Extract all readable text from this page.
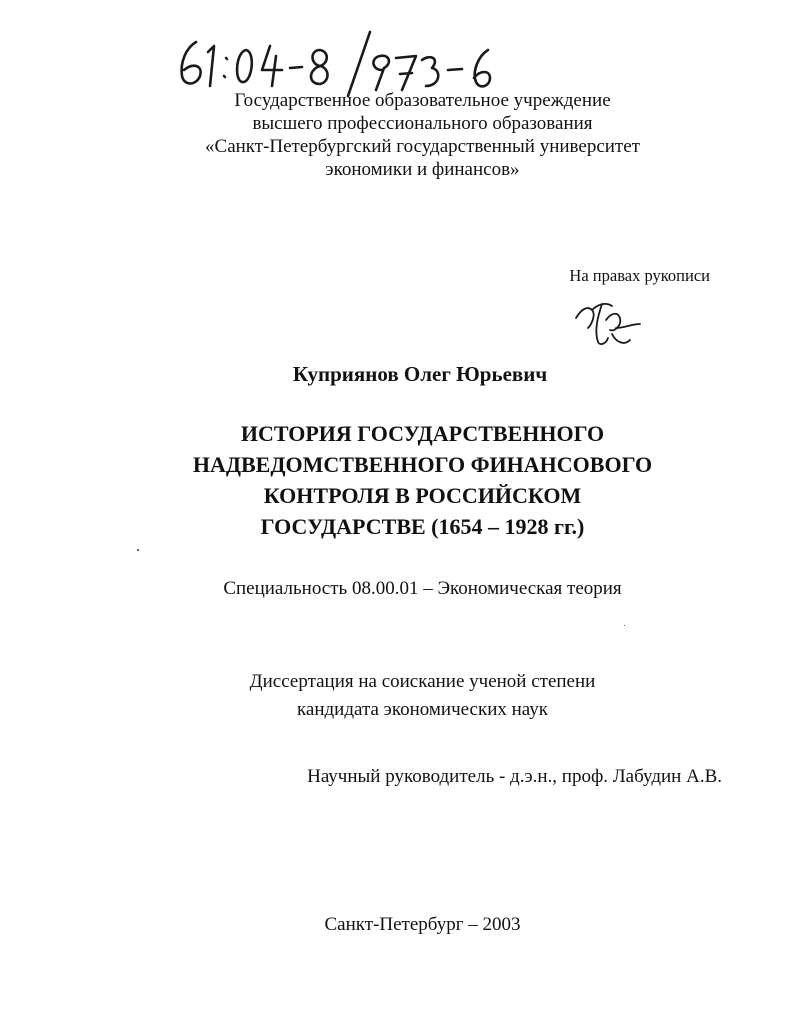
Государственное образовательное учреждение
высшего профессионального образования
«Санкт-Петербургский государственный университет
экономики и финансов»
На правах рукописи
Куприянов Олег Юрьевич
ИСТОРИЯ ГОСУДАРСТВЕННОГО
НАДВЕДОМСТВЕННОГО ФИНАНСОВОГО
КОНТРОЛЯ В РОССИЙСКОМ
ГОСУДАРСТВЕ (1654 – 1928 гг.)
Специальность 08.00.01 – Экономическая теория
Диссертация на соискание ученой степени
кандидата экономических наук
Научный руководитель - д.э.н., проф. Лабудин А.В.
Санкт-Петербург – 2003
